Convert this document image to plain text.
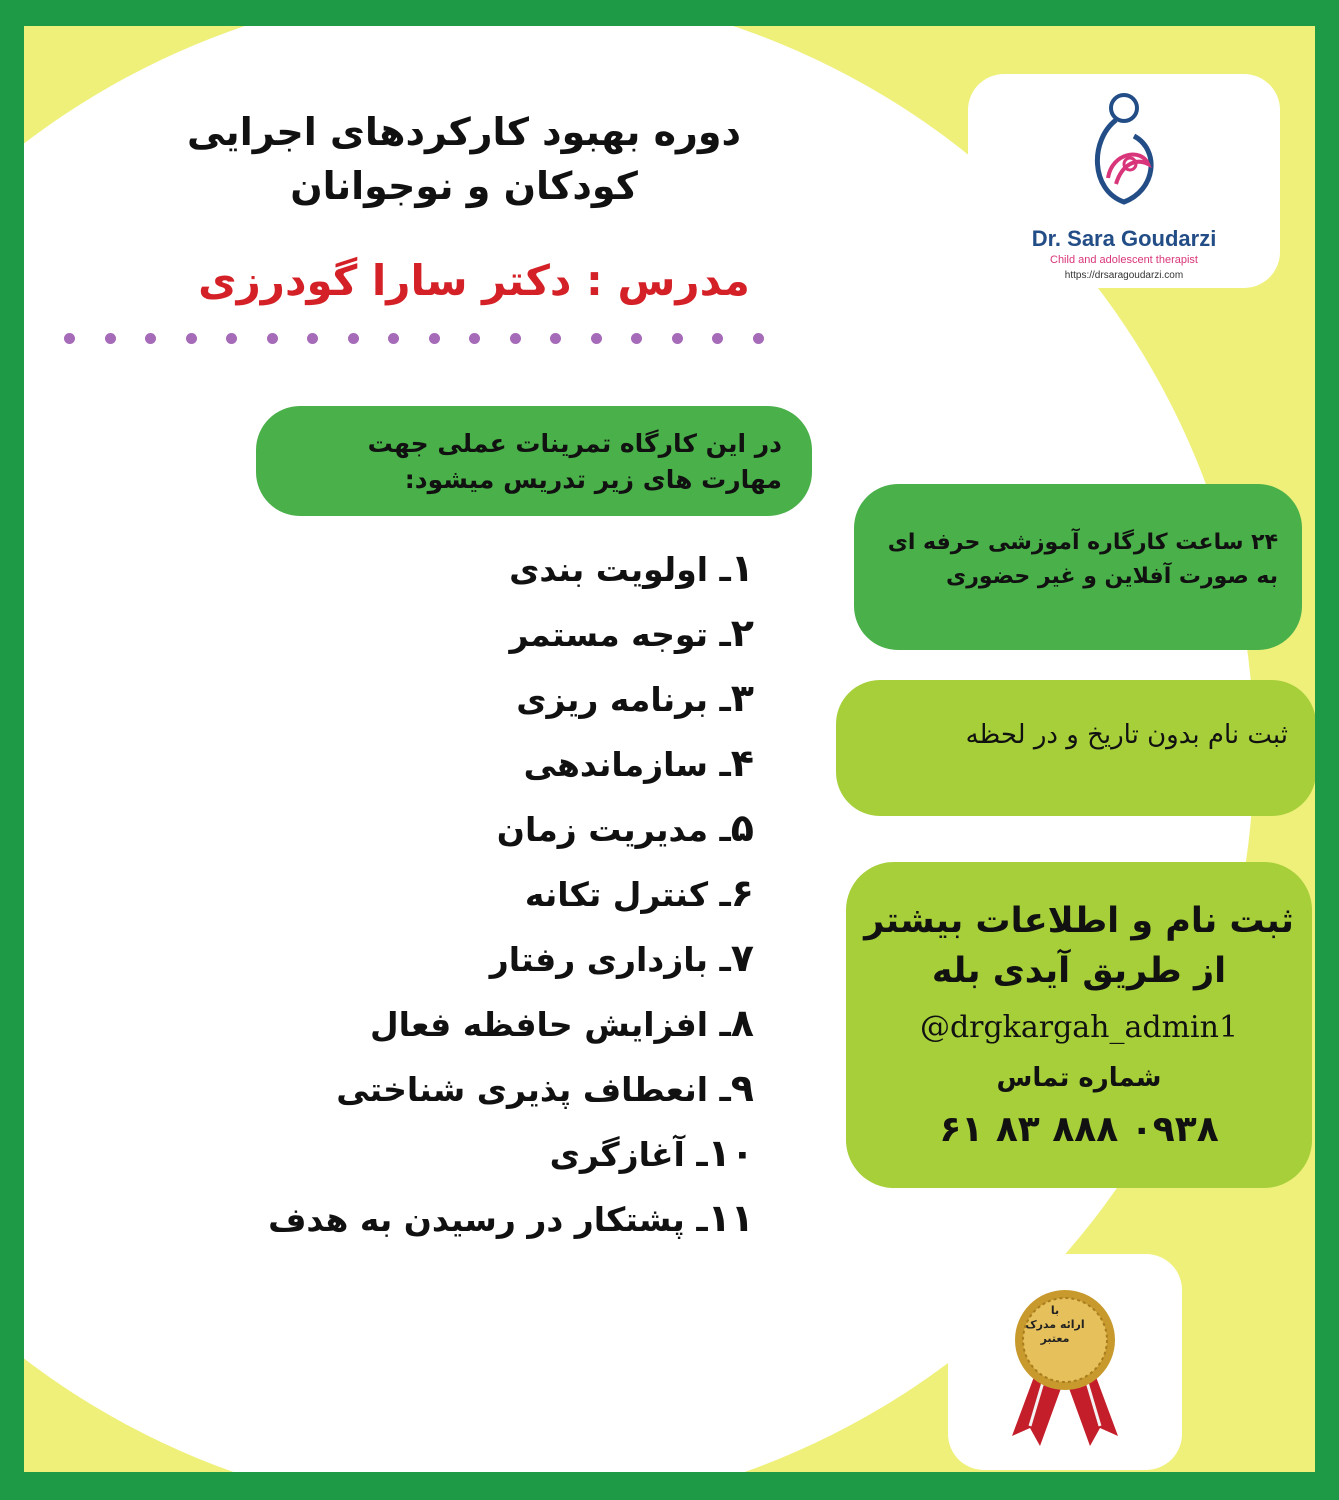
دوره بهبود کارکردهای اجرایی
کودکان و نوجوانان
مدرس : دکتر سارا گودرزی
در این کارگاه تمرینات عملی جهت
مهارت های زیر تدریس میشود:
۱ـ اولویت بندی
۲ـ توجه مستمر
۳ـ برنامه ریزی
۴ـ سازماندهی
۵ـ مدیریت زمان
۶ـ کنترل تکانه
۷ـ بازداری رفتار
۸ـ افزایش حافظه فعال
۹ـ انعطاف پذیری شناختی
۱۰ـ آغازگری
۱۱ـ پشتکار در رسیدن به هدف
Dr. Sara Goudarzi
Child and adolescent therapist
https://drsaragoudarzi.com
۲۴ ساعت کارگاره آموزشی حرفه ای
به صورت آفلاین و غیر حضوری
ثبت نام بدون تاریخ و در لحظه
ثبت نام و اطلاعات بیشتر
از طریق آیدی بله
@drgkargah_admin1
شماره تماس
۰۹۳۸ ۸۸۸ ۸۳ ۶۱
با
ارائه مدرک
معتبر
